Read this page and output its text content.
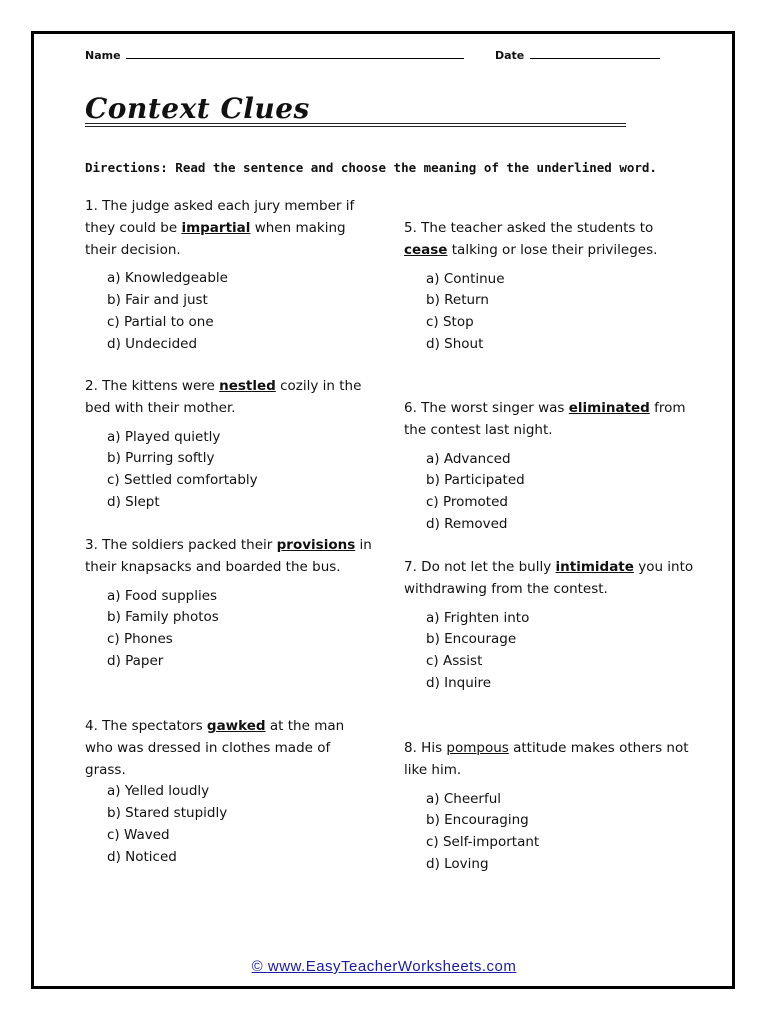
Name	Date
Context Clues
Directions: Read the sentence and choose the meaning of the underlined word.

1. The judge asked each jury member if they could be impartial when making their decision.

a) Knowledgeable
b) Fair and just
c) Partial to one
d) Undecided

2. The kittens were nestled cozily in the bed with their mother.

a) Played quietly
b) Purring softly
c) Settled comfortably
d) Slept

3. The soldiers packed their provisions in their knapsacks and boarded the bus.

a) Food supplies
b) Family photos
c) Phones
d) Paper

4. The spectators gawked at the man who was dressed in clothes made of grass.

a) Yelled loudly
b) Stared stupidly
c) Waved
d) Noticed

5. The teacher asked the students to cease talking or lose their privileges.

a) Continue
b) Return
c) Stop
d) Shout

6. The worst singer was eliminated from the contest last night.

a) Advanced
b) Participated
c) Promoted
d) Removed

7. Do not let the bully intimidate you into withdrawing from the contest.

a) Frighten into
b) Encourage
c) Assist
d) Inquire

8. His pompous attitude makes others not like him.

a) Cheerful
b) Encouraging
c) Self-important
d) Loving
© www.EasyTeacherWorksheets.com
